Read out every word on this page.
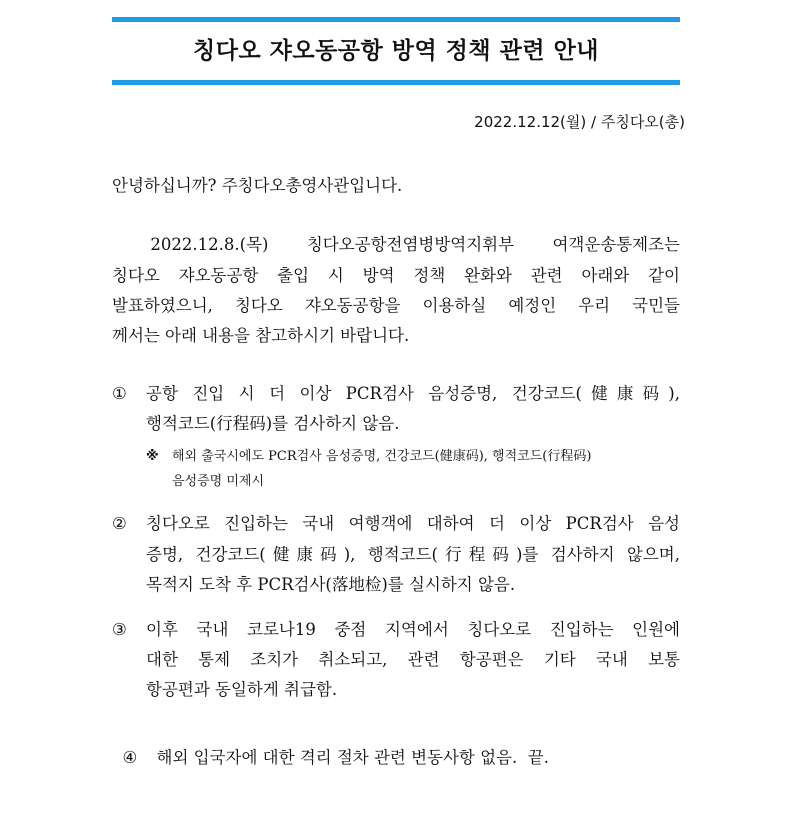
칭다오 쟈오동공항 방역 정책 관련 안내
2022.12.12(월) / 주칭다오(총)
안녕하십니까? 주칭다오총영사관입니다.
2022.12.8.(목)  칭다오공항전염병방역지휘부  여객운송통제조는
칭다오 쟈오동공항 출입 시 방역 정책 완화와 관련 아래와 같이
발표하였으니, 칭다오 쟈오동공항을 이용하실 예정인 우리 국민들
께서는 아래 내용을 참고하시기 바랍니다.
① 공항 진입 시 더 이상 PCR검사 음성증명, 건강코드(健康码),
행적코드(行程码)를 검사하지 않음.
※ 해외 출국시에도 PCR검사 음성증명, 건강코드(健康码), 행적코드(行程码)
음성증명 미제시
② 칭다오로 진입하는 국내 여행객에 대하여 더 이상 PCR검사 음성
증명, 건강코드(健康码), 행적코드(行程码)를 검사하지 않으며,
목적지 도착 후 PCR검사(落地检)를 실시하지 않음.
③ 이후 국내 코로나19 중점 지역에서 칭다오로 진입하는 인원에
대한 통제 조치가 취소되고, 관련 항공편은 기타 국내 보통
항공편과 동일하게 취급함.

④ 해외 입국자에 대한 격리 절차 관련 변동사항 없음.  끝.
